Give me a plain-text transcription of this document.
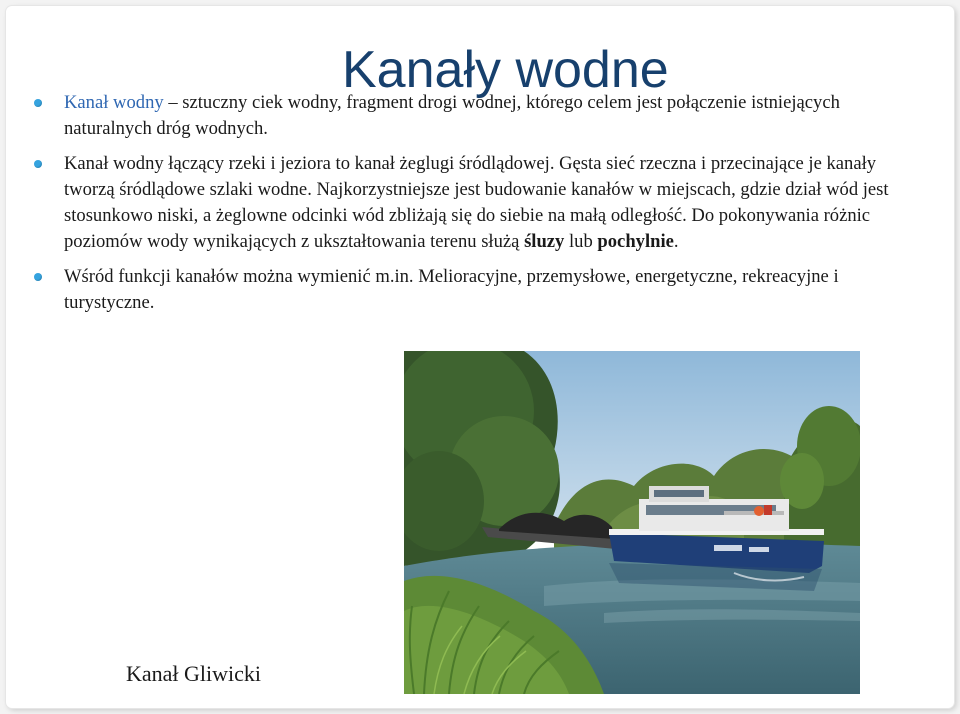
Kanały wodne
Kanał wodny – sztuczny ciek wodny, fragment drogi wodnej, którego celem jest połączenie istniejących naturalnych dróg wodnych.
Kanał wodny łączący rzeki i jeziora to kanał żeglugi śródlądowej. Gęsta sieć rzeczna i przecinające je kanały tworzą śródlądowe szlaki wodne. Najkorzystniejsze jest budowanie kanałów w miejscach, gdzie dział wód jest stosunkowo niski, a żeglowne odcinki wód zbliżają się do siebie na małą odległość. Do pokonywania różnic poziomów wody wynikających z ukształtowania terenu służą śluzy lub pochylnie.
Wśród funkcji kanałów można wymienić m.in. Melioracyjne, przemysłowe, energetyczne, rekreacyjne i turystyczne.

Kanał Gliwicki
